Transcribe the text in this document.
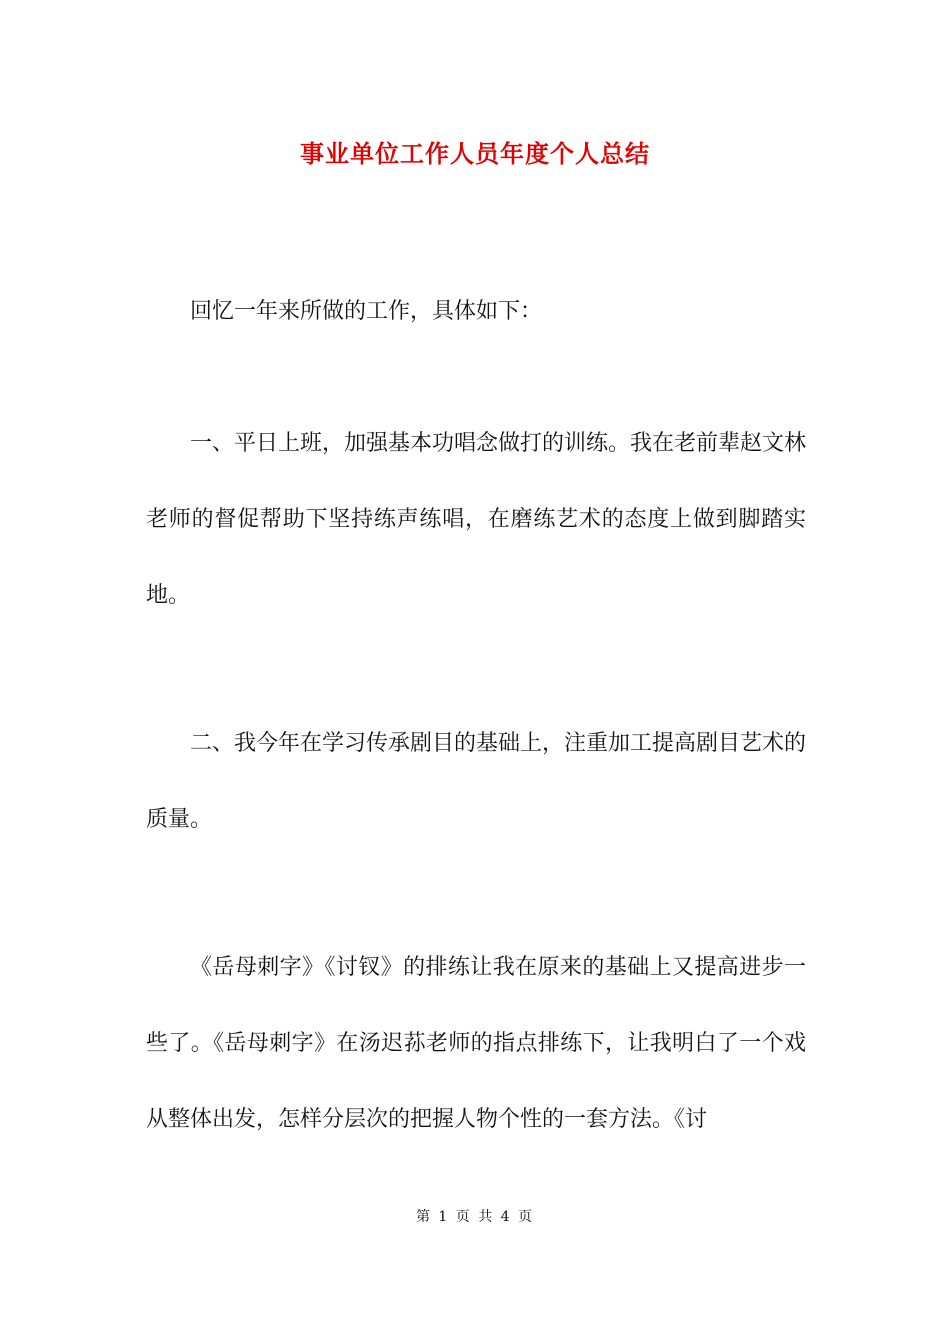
事业单位工作人员年度个人总结
回忆一年来所做的工作，具体如下：
一、平日上班，加强基本功唱念做打的训练。我在老前辈赵文林老师的督促帮助下坚持练声练唱，在磨练艺术的态度上做到脚踏实地。
二、我今年在学习传承剧目的基础上，注重加工提高剧目艺术的质量。
《岳母刺字》《讨钗》的排练让我在原来的基础上又提高进步一些了。《岳母刺字》在汤迟荪老师的指点排练下，让我明白了一个戏从整体出发，怎样分层次的把握人物个性的一套方法。《讨
第 1 页 共 4 页
